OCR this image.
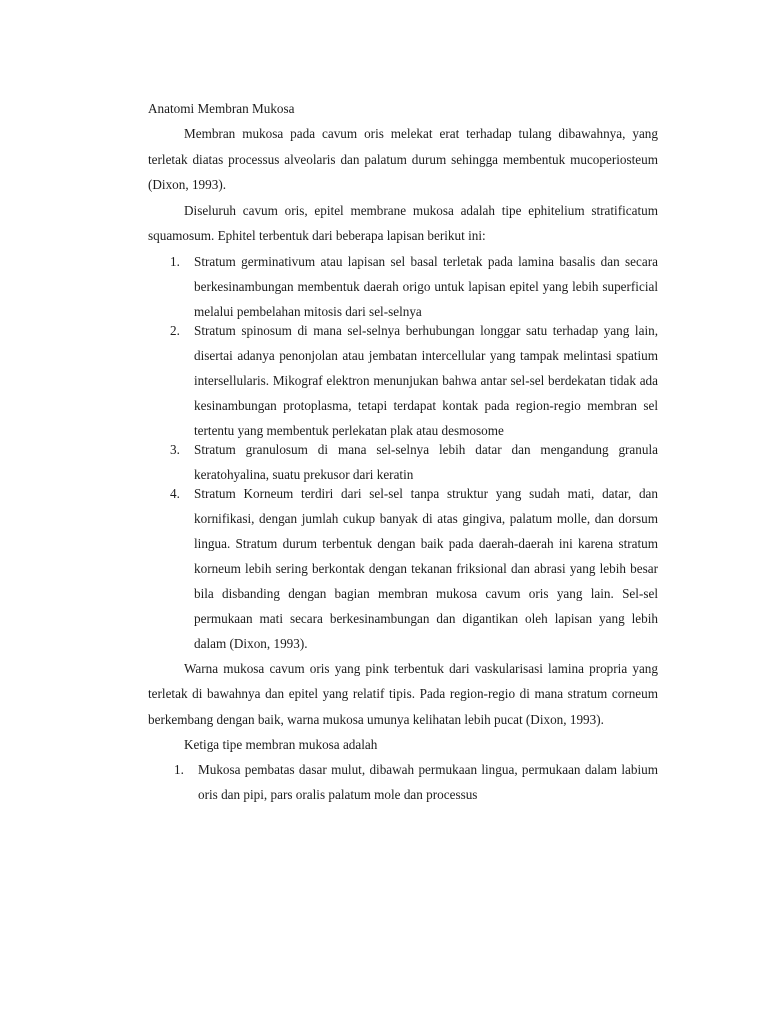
Anatomi Membran Mukosa

Membran mukosa pada cavum oris melekat erat terhadap tulang dibawahnya, yang terletak diatas processus alveolaris dan palatum durum sehingga membentuk mucoperiosteum (Dixon, 1993).

Diseluruh cavum oris, epitel membrane mukosa adalah tipe ephitelium stratificatum squamosum. Ephitel terbentuk dari beberapa lapisan berikut ini:

1. Stratum germinativum atau lapisan sel basal terletak pada lamina basalis dan secara berkesinambungan membentuk daerah origo untuk lapisan epitel yang lebih superficial melalui pembelahan mitosis dari sel-selnya
2. Stratum spinosum di mana sel-selnya berhubungan longgar satu terhadap yang lain, disertai adanya penonjolan atau jembatan intercellular yang tampak melintasi spatium intersellularis. Mikograf elektron menunjukan bahwa antar sel-sel berdekatan tidak ada kesinambungan protoplasma, tetapi terdapat kontak pada region-regio membran sel tertentu yang membentuk perlekatan plak atau desmosome
3. Stratum granulosum di mana sel-selnya lebih datar dan mengandung granula keratohyalina, suatu prekusor dari keratin
4. Stratum Korneum terdiri dari sel-sel tanpa struktur yang sudah mati, datar, dan kornifikasi, dengan jumlah cukup banyak di atas gingiva, palatum molle, dan dorsum lingua. Stratum durum terbentuk dengan baik pada daerah-daerah ini karena stratum korneum lebih sering berkontak dengan tekanan friksional dan abrasi yang lebih besar bila disbanding dengan bagian membran mukosa cavum oris yang lain. Sel-sel permukaan mati secara berkesinambungan dan digantikan oleh lapisan yang lebih dalam (Dixon, 1993).

Warna mukosa cavum oris yang pink terbentuk dari vaskularisasi lamina propria yang terletak di bawahnya dan epitel yang relatif tipis. Pada region-regio di mana stratum corneum berkembang dengan baik, warna mukosa umunya kelihatan lebih pucat (Dixon, 1993).

Ketiga tipe membran mukosa adalah
1. Mukosa pembatas dasar mulut, dibawah permukaan lingua, permukaan dalam labium oris dan pipi, pars oralis palatum mole dan processus
